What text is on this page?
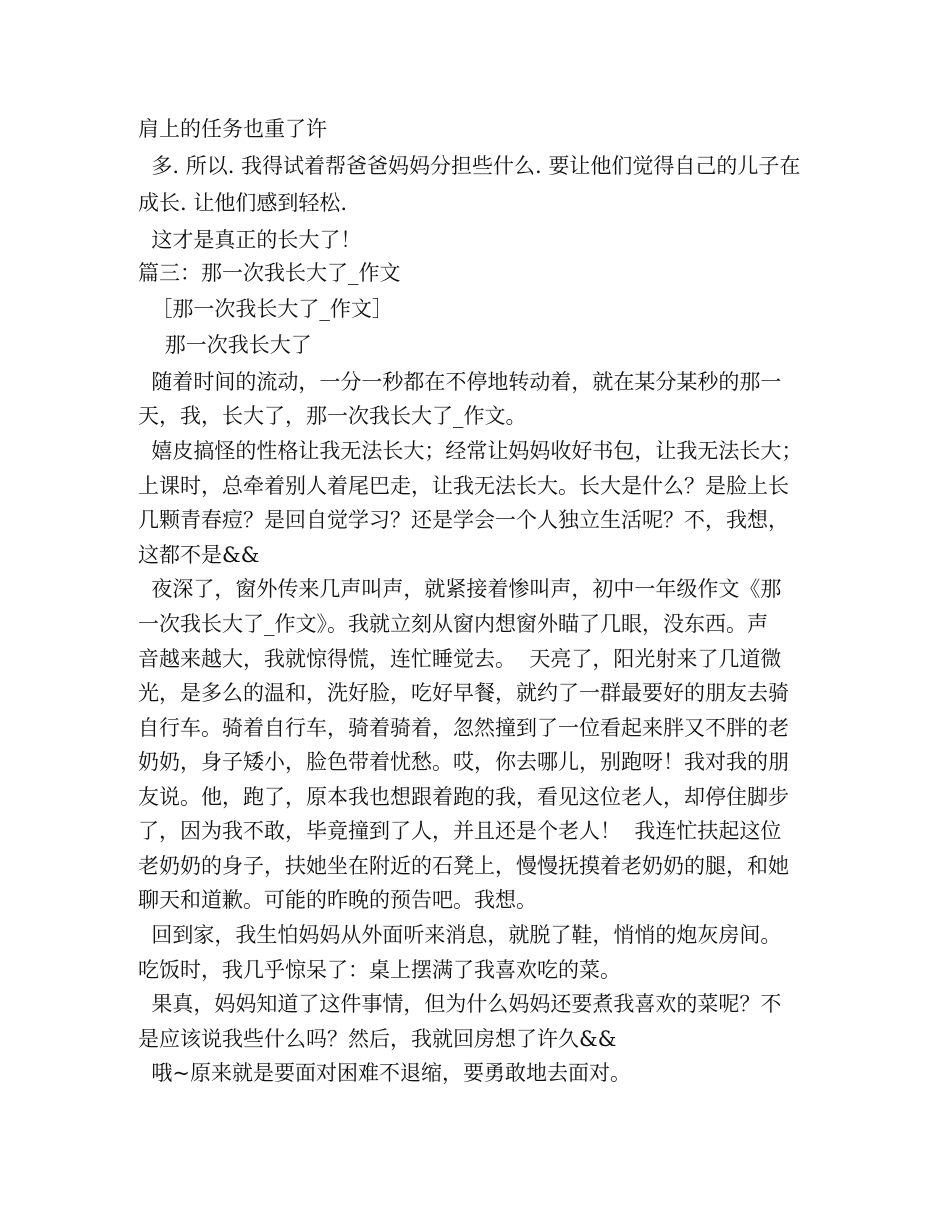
肩上的任务也重了许
多. 所以. 我得试着帮爸爸妈妈分担些什么. 要让他们觉得自己的儿子在
成长. 让他们感到轻松.
这才是真正的长大了！
篇三：那一次我长大了_作文
［那一次我长大了_作文］
那一次我长大了
随着时间的流动，一分一秒都在不停地转动着，就在某分某秒的那一
天，我，长大了，那一次我长大了_作文。
嬉皮搞怪的性格让我无法长大；经常让妈妈收好书包，让我无法长大；
上课时，总牵着别人着尾巴走，让我无法长大。长大是什么？是脸上长
几颗青春痘？是回自觉学习？还是学会一个人独立生活呢？不，我想，
这都不是&&
夜深了，窗外传来几声叫声，就紧接着惨叫声，初中一年级作文《那
一次我长大了_作文》。我就立刻从窗内想窗外瞄了几眼，没东西。声
音越来越大，我就惊得慌，连忙睡觉去。  天亮了，阳光射来了几道微
光，是多么的温和，洗好脸，吃好早餐，就约了一群最要好的朋友去骑
自行车。骑着自行车，骑着骑着，忽然撞到了一位看起来胖又不胖的老
奶奶，身子矮小，脸色带着忧愁。哎，你去哪儿，别跑呀！我对我的朋
友说。他，跑了，原本我也想跟着跑的我，看见这位老人，却停住脚步
了，因为我不敢，毕竟撞到了人，并且还是个老人！  我连忙扶起这位
老奶奶的身子，扶她坐在附近的石凳上，慢慢抚摸着老奶奶的腿，和她
聊天和道歉。可能的昨晚的预告吧。我想。
回到家，我生怕妈妈从外面听来消息，就脱了鞋，悄悄的炮灰房间。
吃饭时，我几乎惊呆了：桌上摆满了我喜欢吃的菜。
果真，妈妈知道了这件事情，但为什么妈妈还要煮我喜欢的菜呢？不
是应该说我些什么吗？然后，我就回房想了许久&&
哦~原来就是要面对困难不退缩，要勇敢地去面对。
